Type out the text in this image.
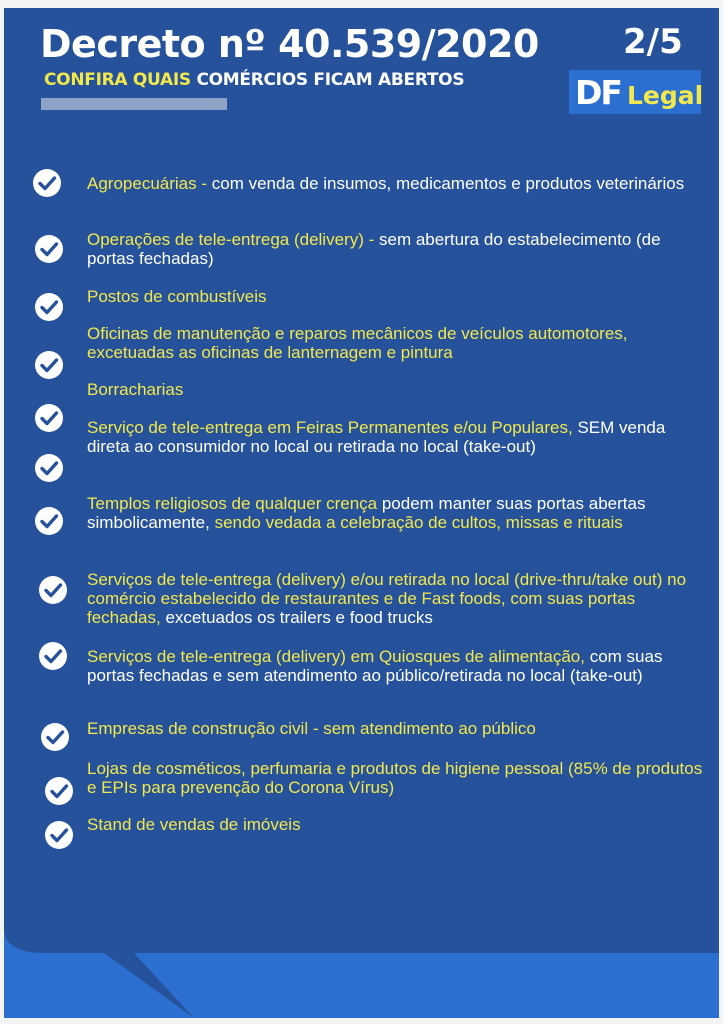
Decreto nº 40.539/2020

CONFIRA QUAIS COMÉRCIOS FICAM ABERTOS

2/5
DF Legal
Agropecuárias - com venda de insumos, medicamentos e produtos veterinários
Operações de tele-entrega (delivery) - sem abertura do estabelecimento (de portas fechadas)
Postos de combustíveis
Oficinas de manutenção e reparos mecânicos de veículos automotores, excetuadas as oficinas de lanternagem e pintura
Borracharias
Serviço de tele-entrega em Feiras Permanentes e/ou Populares, SEM venda direta ao consumidor no local ou retirada no local (take-out)
Templos religiosos de qualquer crença podem manter suas portas abertas simbolicamente, sendo vedada a celebração de cultos, missas e rituais
Serviços de tele-entrega (delivery) e/ou retirada no local (drive-thru/take out) no comércio estabelecido de restaurantes e de Fast foods, com suas portas fechadas, excetuados os trailers e food trucks
Serviços de tele-entrega (delivery) em Quiosques de alimentação, com suas portas fechadas e sem atendimento ao público/retirada no local (take-out)
Empresas de construção civil - sem atendimento ao público
Lojas de cosméticos, perfumaria e produtos de higiene pessoal (85% de produtos e EPIs para prevenção do Corona Vírus)
Stand de vendas de imóveis
